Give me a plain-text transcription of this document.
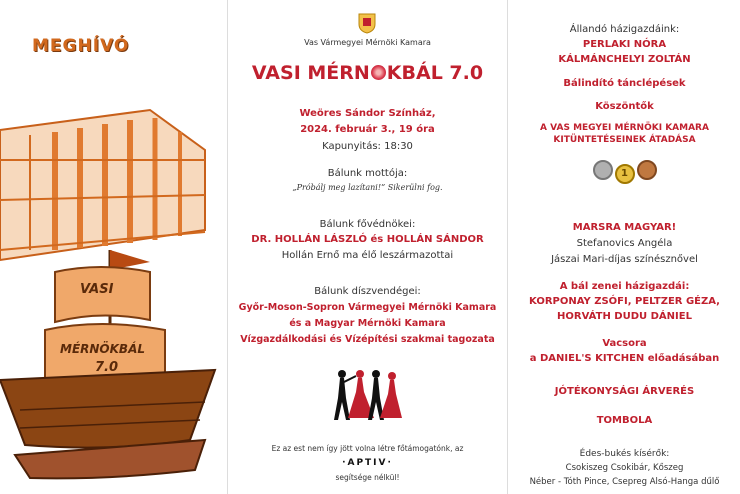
MEGHÍVÓ
VASI
MÉRNÖKBÁL
7.0
Vas Vármegyei Mérnöki Kamara
VASI MÉRN KBÁL 7.0
Weöres Sándor Színház,
2024. február 3., 19 óra
Kapunyitás: 18:30
Bálunk mottója:
„Próbálj meg lazítani!” Sikerülni fog.
Bálunk fővédnökei:
DR. HOLLÁN LÁSZLÓ és HOLLÁN SÁNDOR
Hollán Ernő ma élő leszármazottai
Bálunk díszvendégei:
Győr-Moson-Sopron Vármegyei Mérnöki Kamara
és a Magyar Mérnöki Kamara
Vízgazdálkodási és Vízépítési szakmai tagozata
Ez az est nem így jött volna létre főtámogatónk, az
·APTIV·
segítsége nélkül!
Állandó házigazdáink:
PERLAKI NÓRA
KÁLMÁNCHELYI ZOLTÁN
Bálindító tánclépések
Köszöntők
A VAS MEGYEI MÉRNÖKI KAMARA
KITÜNTETÉSEINEK ÁTADÁSA
1
MARSRA MAGYAR!
Stefanovics Angéla
Jászai Mari-díjas színésznővel
A bál zenei házigazdái:
KORPONAY ZSÓFI, PELTZER GÉZA,
HORVÁTH DUDU DÁNIEL
Vacsora
a DANIEL'S KITCHEN előadásában
JÓTÉKONYSÁGI ÁRVERÉS
TOMBOLA
Édes-bukés kísérők:
Csokiszeg Csokibár, Kőszeg
Néber - Tóth Pince, Csepreg Alsó-Hanga dűlő
